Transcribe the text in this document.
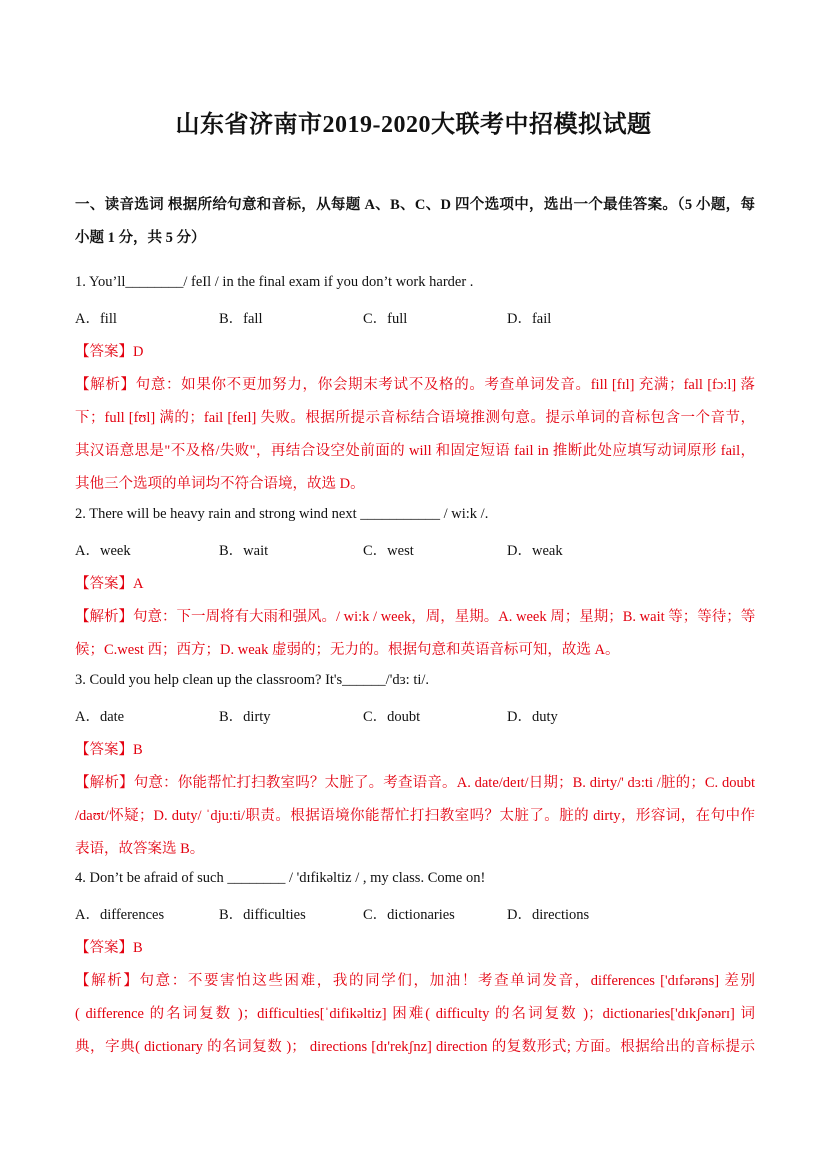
山东省济南市2019-2020大联考中招模拟试题
一、读音选词 根据所给句意和音标，从每题 A、B、C、D 四个选项中，选出一个最佳答案。（5 小题，每
小题 1 分，共 5 分）
1. You’ll________/ feIl / in the final exam if you don’t work harder .
A．fill	B．fall	C．full	D．fail
【答案】D
【解析】句意：如果你不更加努力，你会期末考试不及格的。考查单词发音。fill [fɪl] 充满；fall [fɔ:l] 落
下；full [fʊl] 满的；fail [feɪl] 失败。根据所提示音标结合语境推测句意。提示单词的音标包含一个音节，
其汉语意思是"不及格/失败"，再结合设空处前面的 will 和固定短语 fail in 推断此处应填写动词原形 fail，
其他三个选项的单词均不符合语境，故选 D。
2. There will be heavy rain and strong wind next ___________ / wi:k /.
A．week	B．wait	C．west	D．weak
【答案】A
【解析】句意：下一周将有大雨和强风。/ wi:k / week，周，星期。A. week 周；星期；B. wait 等；等待；等
候；C.west 西；西方；D. weak 虚弱的；无力的。根据句意和英语音标可知，故选 A。
3. Could you help clean up the classroom? It's______/'dɜ: ti/.
A．date	B．dirty	C．doubt	D．duty
【答案】B
【解析】句意：你能帮忙打扫教室吗？太脏了。考查语音。A. date/deɪt/日期；B. dirty/' dɜ:ti /脏的；C. doubt
/daʊt/怀疑；D. duty/ ˈdju:ti/职责。根据语境你能帮忙打扫教室吗？太脏了。脏的 dirty，形容词，在句中作
表语，故答案选 B。
4. Don’t be afraid of such ________ / 'dɪfikəltiz / , my class. Come on!
A．differences	B．difficulties	C．dictionaries	D．directions
【答案】B
【解析】句意：不要害怕这些困难，我的同学们，加油！考查单词发音，differences ['dɪfərəns] 差别
( difference 的名词复数 )；difficulties[ˈdifikəltiz] 困难( difficulty 的名词复数 )；dictionaries['dɪkʃənərɪ] 词
典，字典( dictionary 的名词复数 )； directions [dɪ'rekʃnz] direction 的复数形式; 方面。根据给出的音标提示
